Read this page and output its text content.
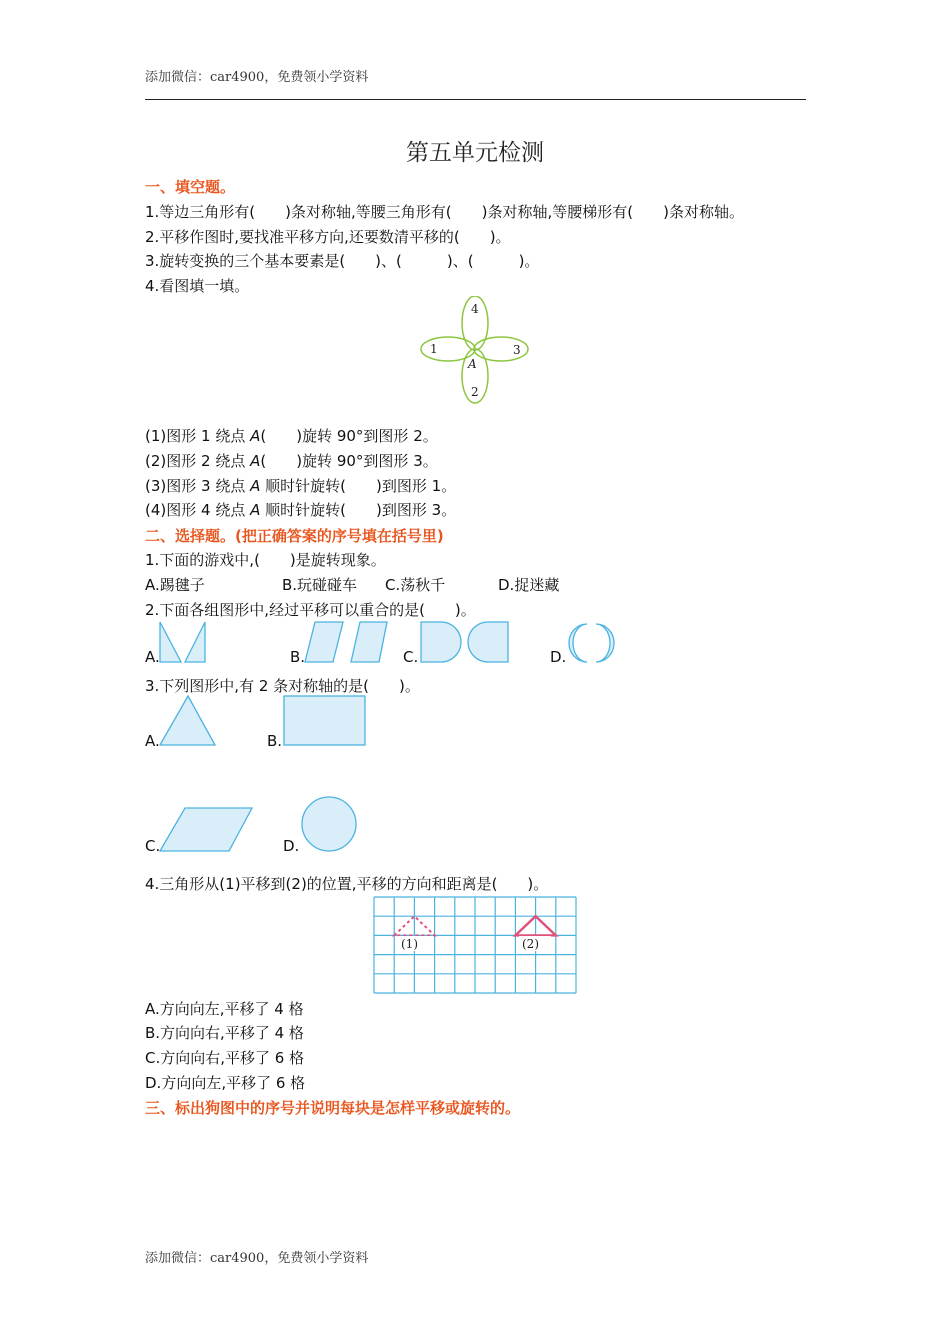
添加微信：car4900，免费领小学资料
第五单元检测
一、填空题。
1.等边三角形有(　　)条对称轴,等腰三角形有(　　)条对称轴,等腰梯形有(　　)条对称轴。
2.平移作图时,要找准平移方向,还要数清平移的(　　)。
3.旋转变换的三个基本要素是(　　)、(　　　)、(　　　)。
4.看图填一填。
4
1	3
2
A
(1)图形 1 绕点 A(　　)旋转 90°到图形 2。
(2)图形 2 绕点 A(　　)旋转 90°到图形 3。
(3)图形 3 绕点 A 顺时针旋转(　　)到图形 1。
(4)图形 4 绕点 A 顺时针旋转(　　)到图形 3。
二、选择题。(把正确答案的序号填在括号里)
1.下面的游戏中,(　　)是旋转现象。
A.踢毽子	B.玩碰碰车 C.荡秋千	D.捉迷藏
2.下面各组图形中,经过平移可以重合的是(　　)。
A.	B.	C.	D.
3.下列图形中,有 2 条对称轴的是(　　)。
A.	B.
C.	D.
4.三角形从(1)平移到(2)的位置,平移的方向和距离是(　　)。
(1)	(2)
A.方向向左,平移了 4 格
B.方向向右,平移了 4 格
C.方向向右,平移了 6 格
D.方向向左,平移了 6 格
三、标出狗图中的序号并说明每块是怎样平移或旋转的。
添加微信：car4900，免费领小学资料
